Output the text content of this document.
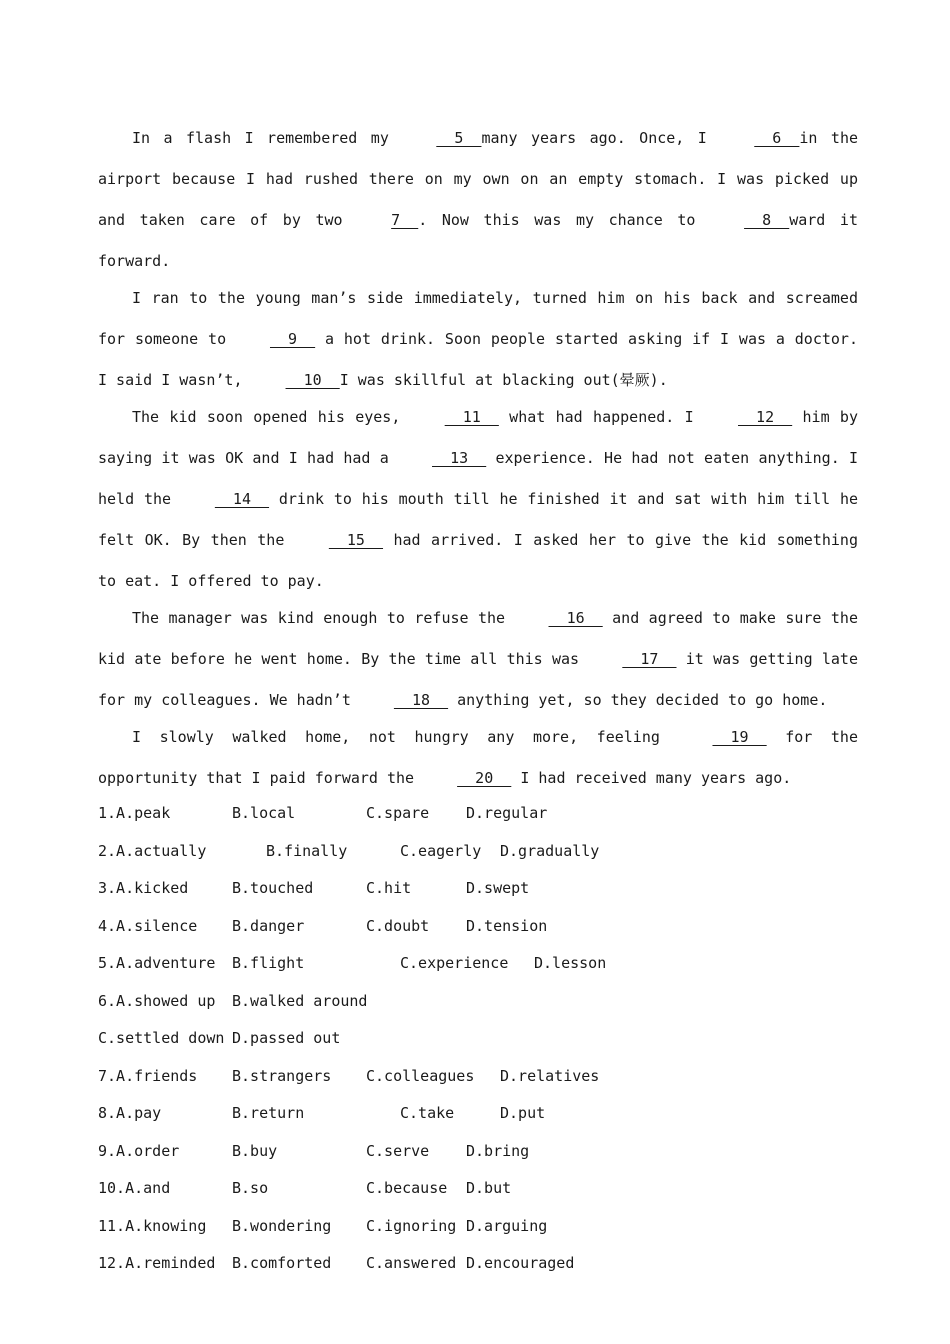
In a flash I remembered my   5  many years ago. Once, I   6  in the airport because I had rushed there on my own on an empty stomach. I was picked up and taken care of by two 7  . Now this was my chance to   8  ward it forward.

I ran to the young man’s side immediately, turned him on his back and screamed for someone to   9   a hot drink. Soon people started asking if I was a doctor. I said I wasn’t,   10  I was skillful at blacking out(晕厥).

The kid soon opened his eyes,   11   what had happened. I   12   him by saying it was OK and I had had a   13   experience. He had not eaten anything. I held the   14   drink to his mouth till he finished it and sat with him till he felt OK. By then the   15   had arrived. I asked her to give the kid something to eat. I offered to pay.

The manager was kind enough to refuse the   16   and agreed to make sure the kid ate before he went home. By the time all this was   17   it was getting late for my colleagues. We hadn’t   18   anything yet, so they decided to go home.

I slowly walked home, not hungry any more, feeling   19   for the opportunity that I paid forward the   20   I had received many years ago.

1.A.peak	B.local	C.spare D.regular
2.A.actually	B.finally	C.eagerly D.gradually
3.A.kicked	B.touched	C.hit	D.swept
4.A.silence B.danger	C.doubt D.tension
5.A.adventure B.flight	C.experience D.lesson
6.A.showed up B.walked around
C.settled down D.passed out
7.A.friends B.strangers C.colleagues D.relatives
8.A.pay	B.return	C.take	D.put
9.A.order	B.buy	C.serve D.bring
10.A.and	B.so	C.because D.but
11.A.knowing B.wondering C.ignoring D.arguing
12.A.reminded B.comforted C.answered D.encouraged
